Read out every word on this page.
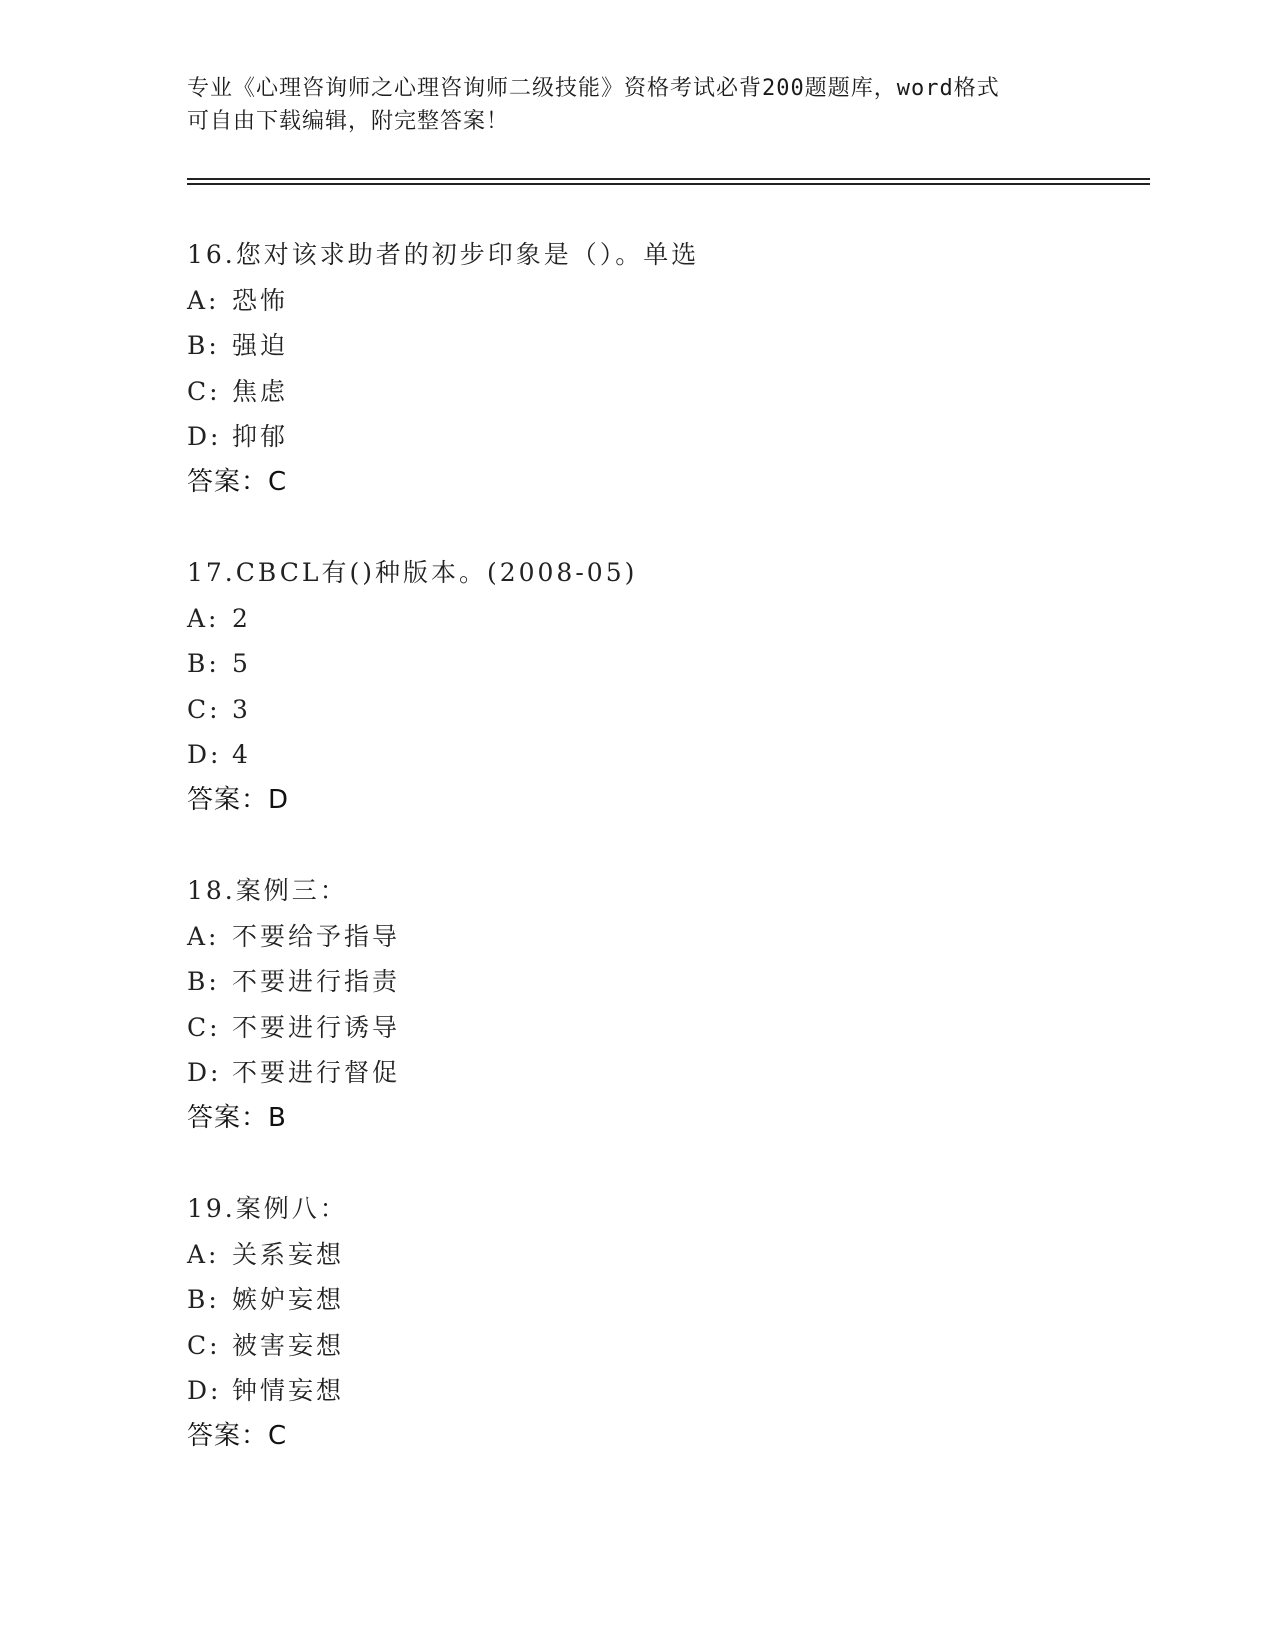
专业《心理咨询师之心理咨询师二级技能》资格考试必背200题题库，word格式
可自由下载编辑，附完整答案！
16.您对该求助者的初步印象是（）。单选
A: 恐怖
B: 强迫
C: 焦虑
D: 抑郁
答案：C
17.CBCL有()种版本。(2008-05)
A: 2
B: 5
C: 3
D: 4
答案：D
18.案例三：
A: 不要给予指导
B: 不要进行指责
C: 不要进行诱导
D: 不要进行督促
答案：B
19.案例八：
A: 关系妄想
B: 嫉妒妄想
C: 被害妄想
D: 钟情妄想
答案：C
